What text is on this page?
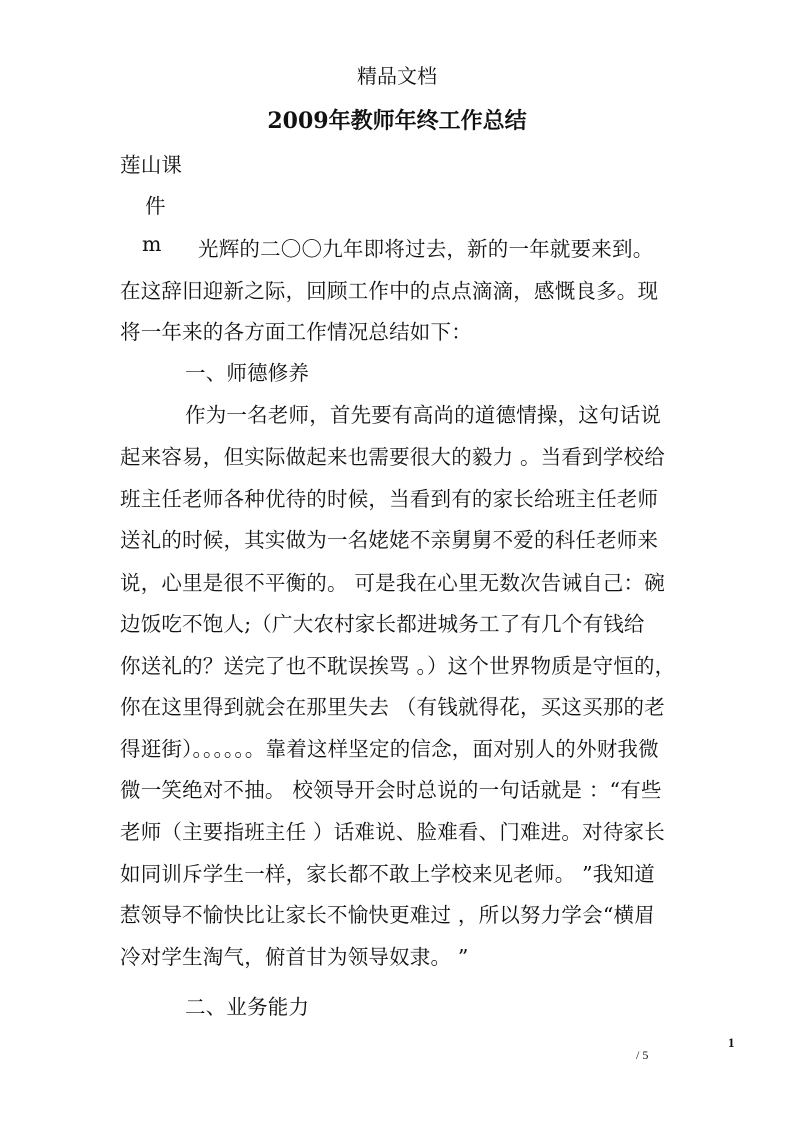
精品文档
2009年教师年终工作总结
莲山课
件
m 光辉的二〇〇九年即将过去，新的一年就要来到。
在这辞旧迎新之际，回顾工作中的点点滴滴，感慨良多。现
将一年来的各方面工作情况总结如下：
一、师德修养
作为一名老师，首先要有高尚的道德情操，这句话说
起来容易，但实际做起来也需要很大的毅力 。当看到学校给
班主任老师各种优待的时候，当看到有的家长给班主任老师
送礼的时候，其实做为一名姥姥不亲舅舅不爱的科任老师来
说，心里是很不平衡的。 可是我在心里无数次告诫自己：碗
边饭吃不饱人;（广大农村家长都进城务工了有几个有钱给
你送礼的？送完了也不耽误挨骂 。）这个世界物质是守恒的，
你在这里得到就会在那里失去 （有钱就得花，买这买那的老
得逛街）。。。。。。靠着这样坚定的信念，面对别人的外财我微
微一笑绝对不抽。 校领导开会时总说的一句话就是 ：“有些
老师（主要指班主任 ）话难说、脸难看、门难进。对待家长
如同训斥学生一样，家长都不敢上学校来见老师。 ”我知道
惹领导不愉快比让家长不愉快更难过 ，所以努力学会“横眉
冷对学生淘气，俯首甘为领导奴隶。 ”
二、业务能力
1
/ 5
